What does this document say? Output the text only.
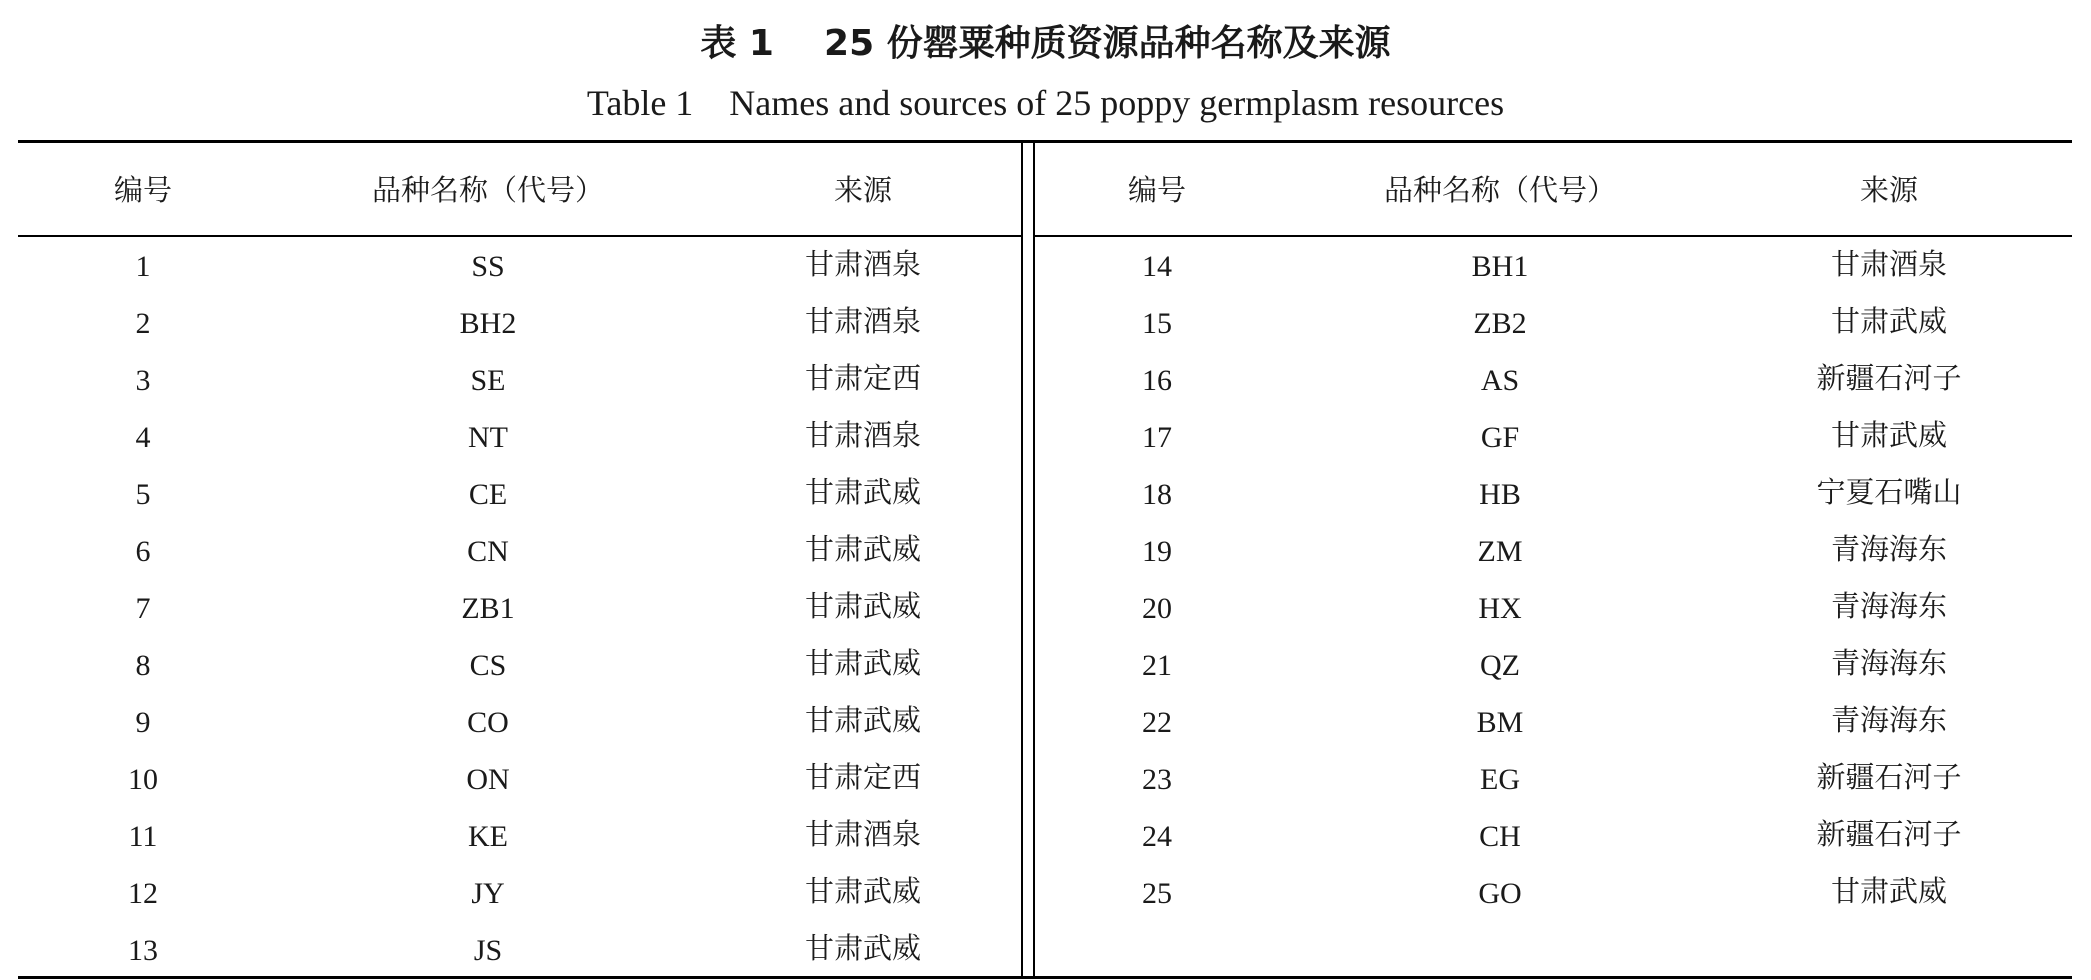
表 1    25 份罂粟种质资源品种名称及来源
Table 1    Names and sources of 25 poppy germplasm resources
编号	品种名称（代号）	来源
1	SS	甘肃酒泉
2	BH2	甘肃酒泉
3	SE	甘肃定西
4	NT	甘肃酒泉
5	CE	甘肃武威
6	CN	甘肃武威
7	ZB1	甘肃武威
8	CS	甘肃武威
9	CO	甘肃武威
10	ON	甘肃定西
11	KE	甘肃酒泉
12	JY	甘肃武威
13	JS	甘肃武威
编号	品种名称（代号）	来源
14	BH1	甘肃酒泉
15	ZB2	甘肃武威
16	AS	新疆石河子
17	GF	甘肃武威
18	HB	宁夏石嘴山
19	ZM	青海海东
20	HX	青海海东
21	QZ	青海海东
22	BM	青海海东
23	EG	新疆石河子
24	CH	新疆石河子
25	GO	甘肃武威
